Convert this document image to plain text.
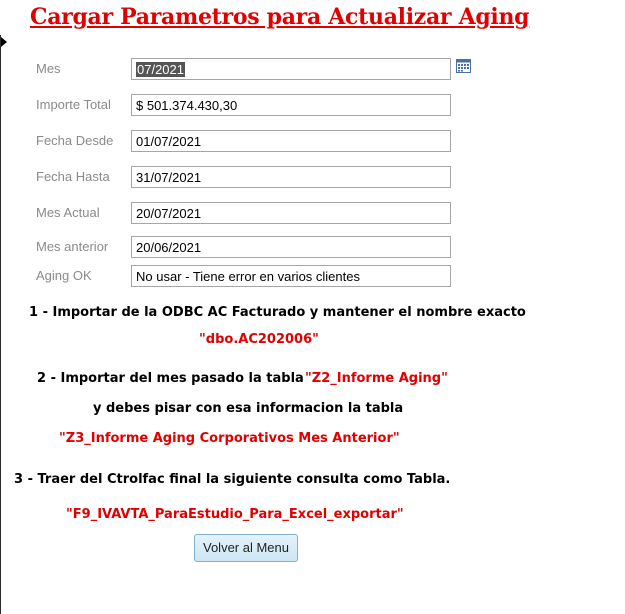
Cargar Parametros para Actualizar Aging
Mes	07/2021
Importe Total	$ 501.374.430,30
Fecha Desde	01/07/2021
Fecha Hasta	31/07/2021
Mes Actual	20/07/2021
Mes anterior	20/06/2021
Aging OK	No usar - Tiene error en varios clientes
1 - Importar de la ODBC AC Facturado y mantener el nombre exacto
"dbo.AC202006"
2 - Importar del mes pasado la tabla "Z2_Informe Aging"
y debes pisar con esa informacion la tabla
"Z3_Informe Aging Corporativos Mes Anterior"
3 - Traer del Ctrolfac final la siguiente consulta como Tabla.
"F9_IVAVTA_ParaEstudio_Para_Excel_exportar"
Volver al Menu
